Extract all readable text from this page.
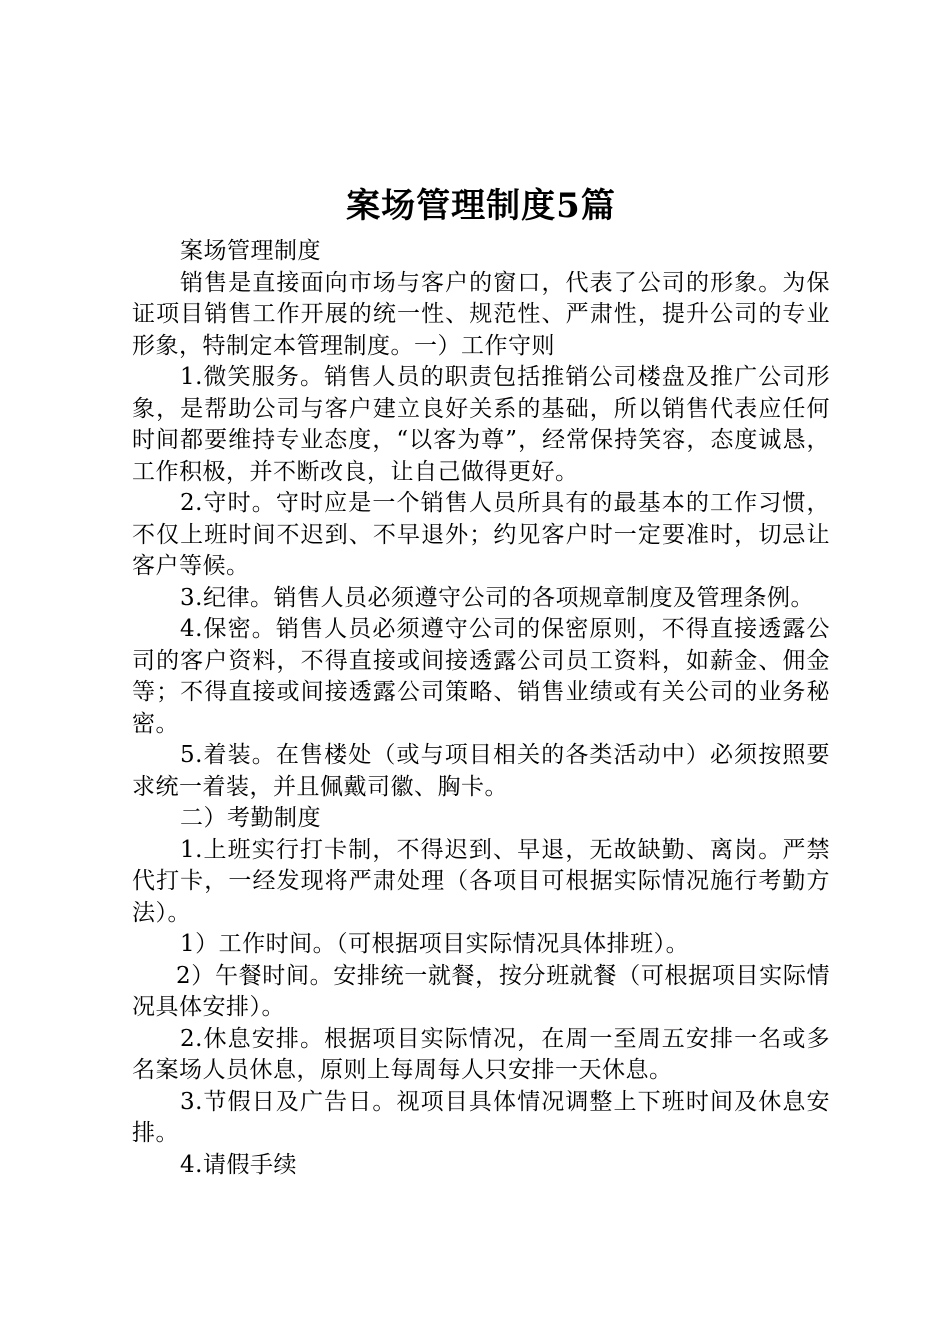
案场管理制度5篇

案场管理制度

销售是直接面向市场与客户的窗口，代表了公司的形象。为保证项目销售工作开展的统一性、规范性、严肃性，提升公司的专业形象，特制定本管理制度。一）工作守则

1.微笑服务。销售人员的职责包括推销公司楼盘及推广公司形象，是帮助公司与客户建立良好关系的基础，所以销售代表应任何时间都要维持专业态度，“以客为尊”，经常保持笑容，态度诚恳，工作积极，并不断改良，让自己做得更好。

2.守时。守时应是一个销售人员所具有的最基本的工作习惯，不仅上班时间不迟到、不早退外；约见客户时一定要准时，切忌让客户等候。

3.纪律。销售人员必须遵守公司的各项规章制度及管理条例。

4.保密。销售人员必须遵守公司的保密原则，不得直接透露公司的客户资料，不得直接或间接透露公司员工资料，如薪金、佣金等；不得直接或间接透露公司策略、销售业绩或有关公司的业务秘密。

5.着装。在售楼处（或与项目相关的各类活动中）必须按照要求统一着装，并且佩戴司徽、胸卡。

二）考勤制度

1.上班实行打卡制，不得迟到、早退，无故缺勤、离岗。严禁代打卡，一经发现将严肃处理（各项目可根据实际情况施行考勤方法）。

1）工作时间。（可根据项目实际情况具体排班）。

2）午餐时间。安排统一就餐，按分班就餐（可根据项目实际情况具体安排）。

2.休息安排。根据项目实际情况，在周一至周五安排一名或多名案场人员休息，原则上每周每人只安排一天休息。

3.节假日及广告日。视项目具体情况调整上下班时间及休息安排。

4.请假手续
